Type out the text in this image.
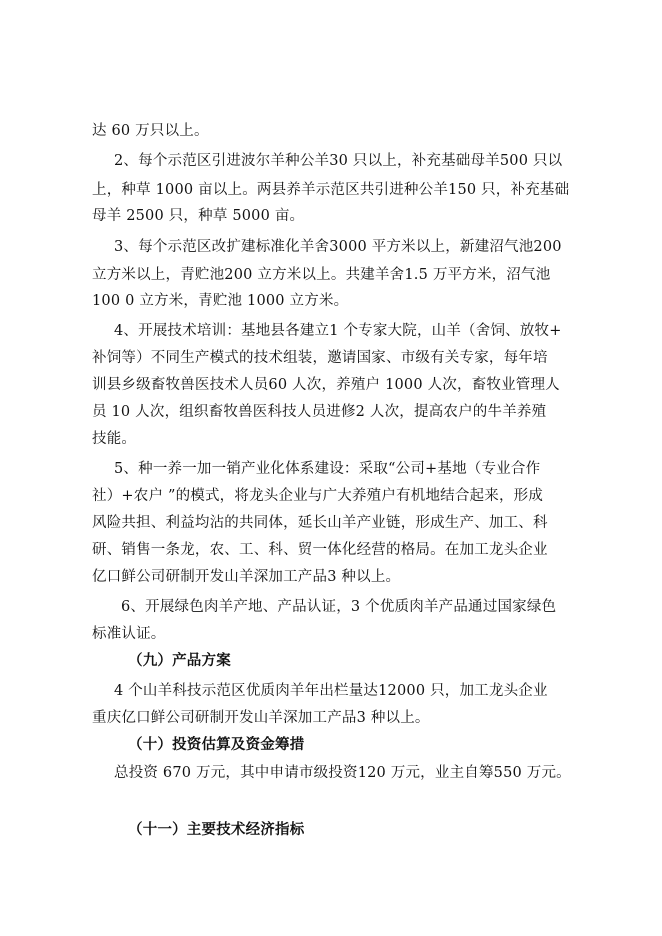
达 60 万只以上。
2、每个示范区引进波尔羊种公羊30 只以上，补充基础母羊500 只以
上，种草 1000 亩以上。两县养羊示范区共引进种公羊150 只，补充基础
母羊 2500 只，种草 5000 亩。
3、每个示范区改扩建标准化羊舍3000 平方米以上，新建沼气池200
立方米以上，青贮池200 立方米以上。共建羊舍1.5 万平方米，沼气池
100 0 立方米，青贮池 1000 立方米。
4、开展技术培训：基地县各建立1 个专家大院，山羊（舍饲、放牧+
补饲等）不同生产模式的技术组装，邀请国家、市级有关专家，每年培
训县乡级畜牧兽医技术人员60 人次，养殖户 1000 人次，畜牧业管理人
员 10 人次，组织畜牧兽医科技人员进修2 人次，提高农户的牛羊养殖
技能。
5、种一养一加一销产业化体系建设：采取“公司+基地（专业合作
社）+农户 ”的模式，将龙头企业与广大养殖户有机地结合起来，形成
风险共担、利益均沾的共同体，延长山羊产业链，形成生产、加工、科
研、销售一条龙，农、工、科、贸一体化经营的格局。在加工龙头企业
亿口鲜公司研制开发山羊深加工产品3 种以上。
6、开展绿色肉羊产地、产品认证，3 个优质肉羊产品通过国家绿色
标准认证。
（九）产品方案
4 个山羊科技示范区优质肉羊年出栏量达12000 只，加工龙头企业
重庆亿口鲜公司研制开发山羊深加工产品3 种以上。
（十）投资估算及资金筹措
总投资 670 万元，其中申请市级投资120 万元，业主自筹550 万元。
（十一）主要技术经济指标
